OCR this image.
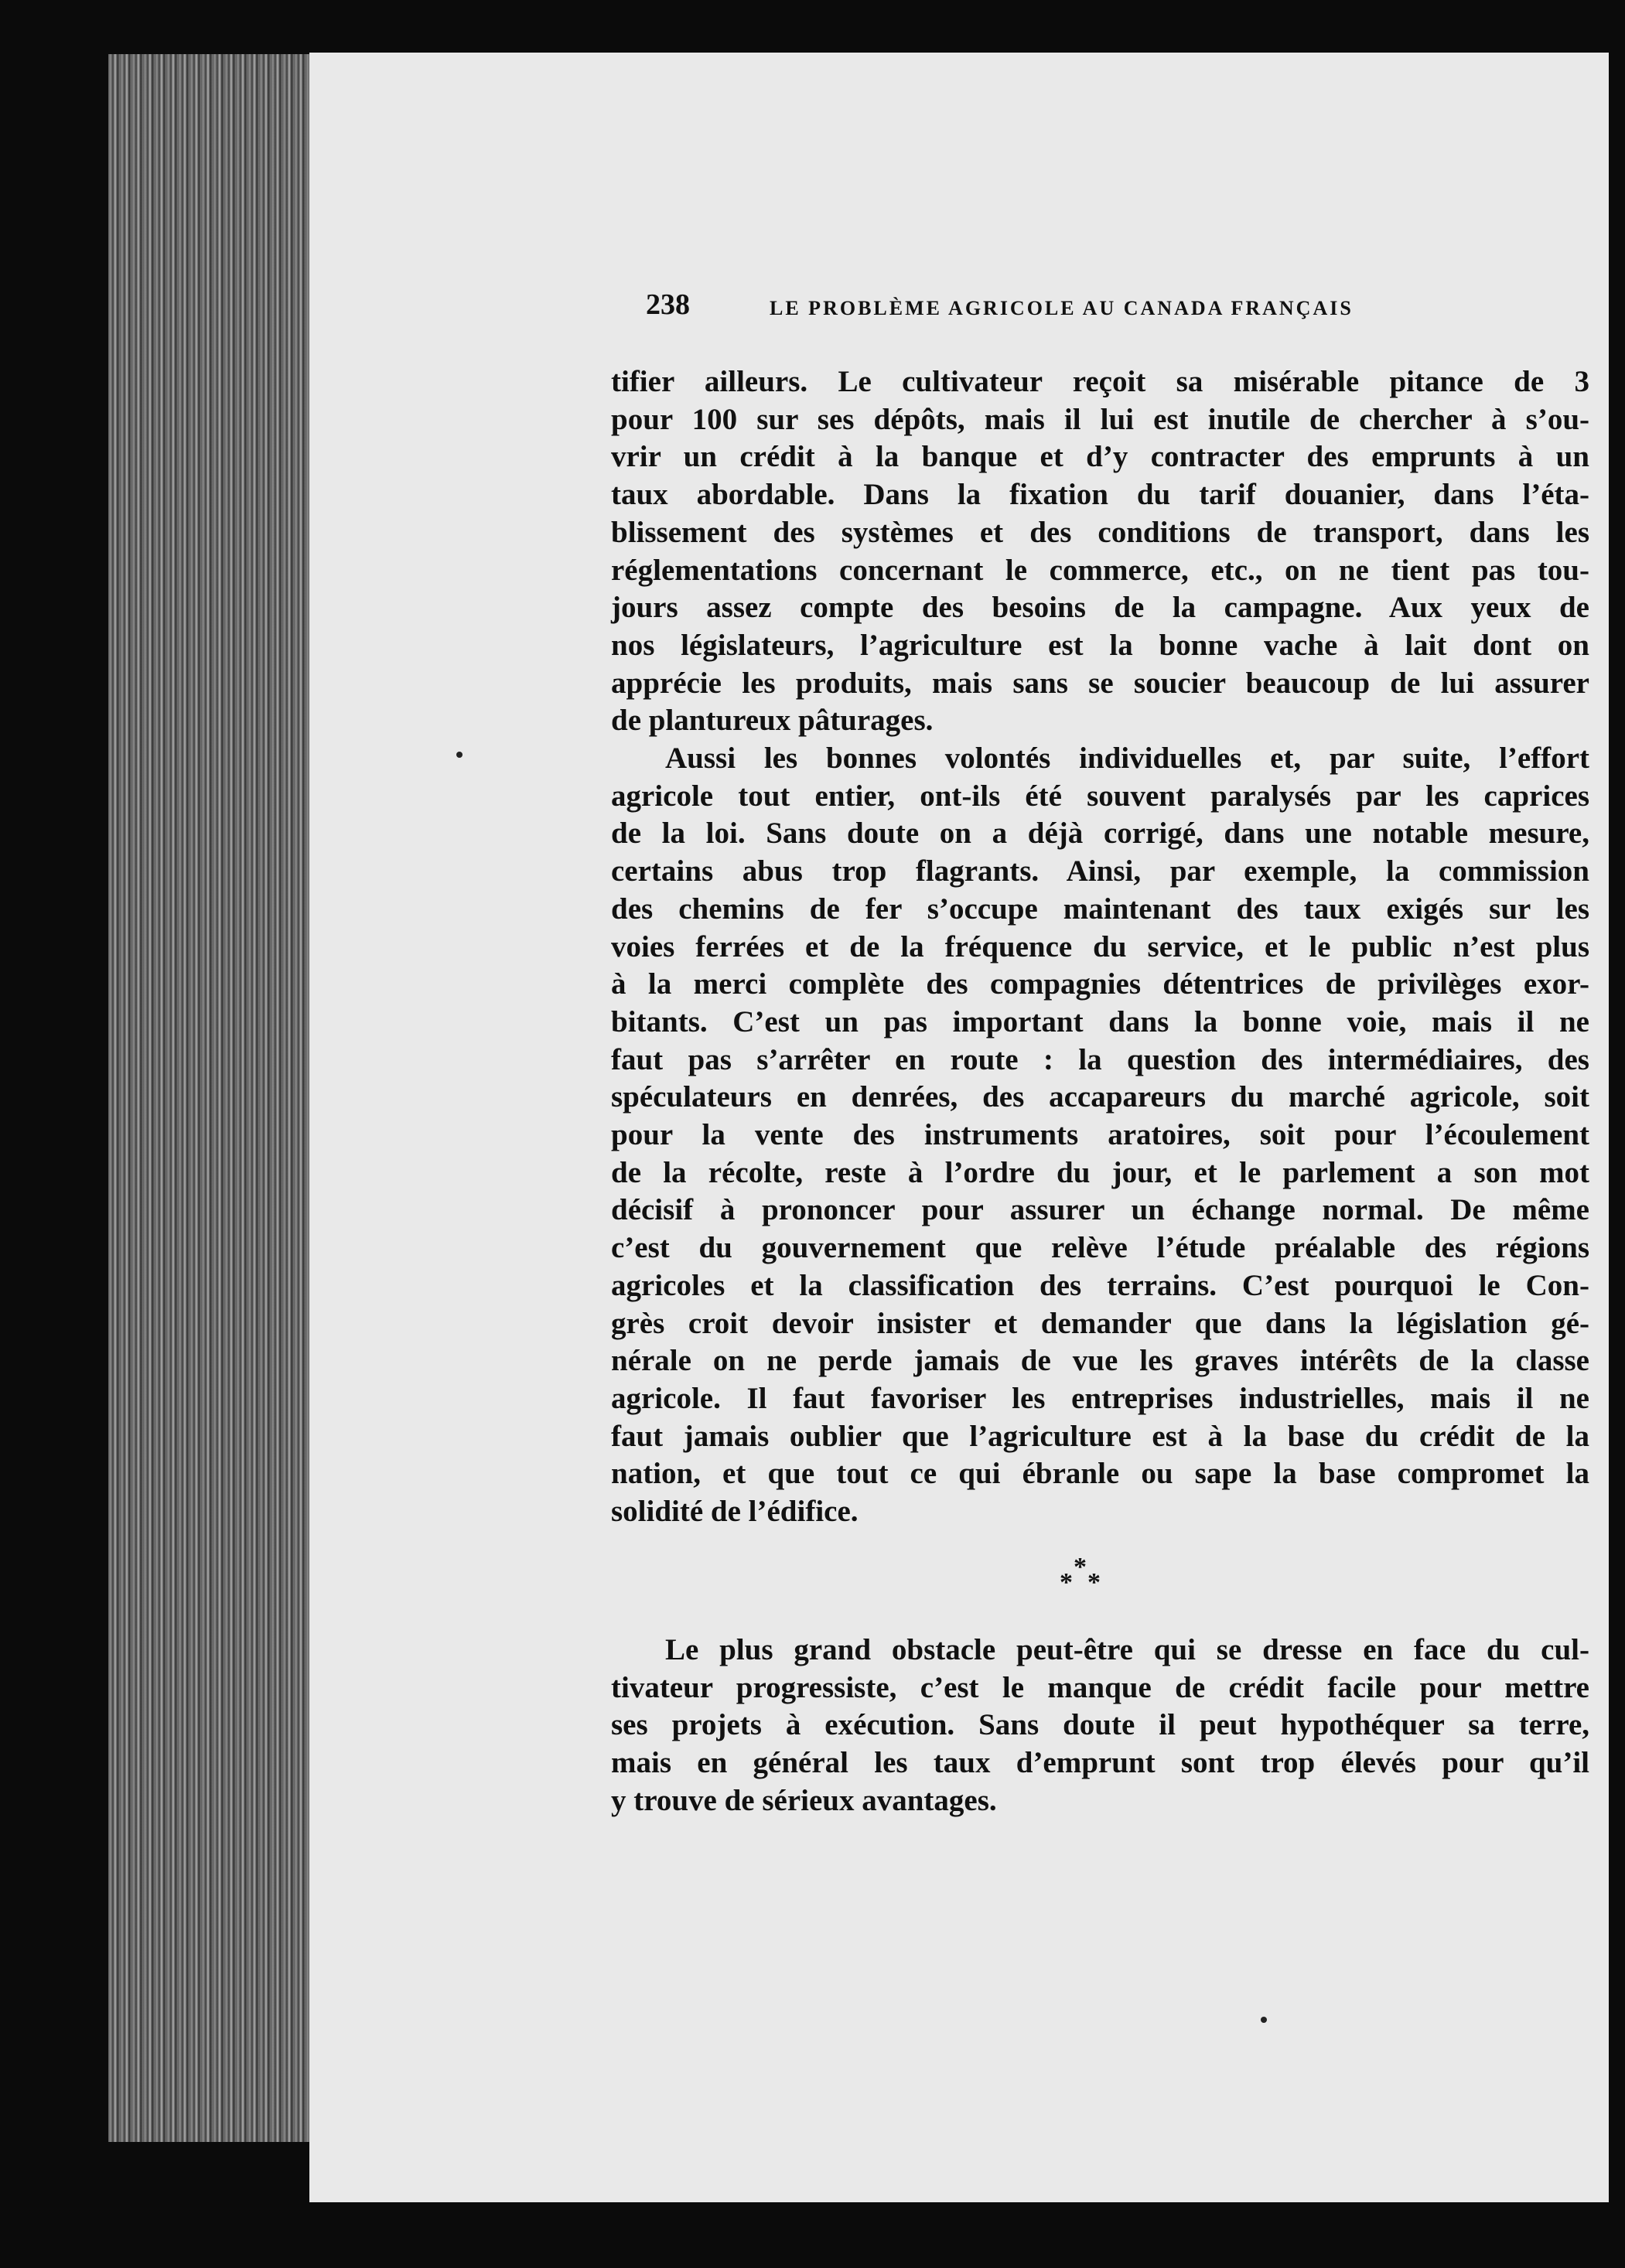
238	LE PROBLÈME AGRICOLE AU CANADA FRANÇAIS
tifier ailleurs. Le cultivateur reçoit sa misérable pitance de 3
pour 100 sur ses dépôts, mais il lui est inutile de chercher à s’ou-
vrir un crédit à la banque et d’y contracter des emprunts à un
taux abordable. Dans la fixation du tarif douanier, dans l’éta-
blissement des systèmes et des conditions de transport, dans les
réglementations concernant le commerce, etc., on ne tient pas tou-
jours assez compte des besoins de la campagne. Aux yeux de
nos législateurs, l’agriculture est la bonne vache à lait dont on
apprécie les produits, mais sans se soucier beaucoup de lui assurer
de plantureux pâturages.
Aussi les bonnes volontés individuelles et, par suite, l’effort
agricole tout entier, ont-ils été souvent paralysés par les caprices
de la loi. Sans doute on a déjà corrigé, dans une notable mesure,
certains abus trop flagrants. Ainsi, par exemple, la commission
des chemins de fer s’occupe maintenant des taux exigés sur les
voies ferrées et de la fréquence du service, et le public n’est plus
à la merci complète des compagnies détentrices de privilèges exor-
bitants. C’est un pas important dans la bonne voie, mais il ne
faut pas s’arrêter en route : la question des intermédiaires, des
spéculateurs en denrées, des accapareurs du marché agricole, soit
pour la vente des instruments aratoires, soit pour l’écoulement
de la récolte, reste à l’ordre du jour, et le parlement a son mot
décisif à prononcer pour assurer un échange normal. De même
c’est du gouvernement que relève l’étude préalable des régions
agricoles et la classification des terrains. C’est pourquoi le Con-
grès croit devoir insister et demander que dans la législation gé-
nérale on ne perde jamais de vue les graves intérêts de la classe
agricole. Il faut favoriser les entreprises industrielles, mais il ne
faut jamais oublier que l’agriculture est à la base du crédit de la
nation, et que tout ce qui ébranle ou sape la base compromet la
solidité de l’édifice.
*
*
*
Le plus grand obstacle peut-être qui se dresse en face du cul-
tivateur progressiste, c’est le manque de crédit facile pour mettre
ses projets à exécution. Sans doute il peut hypothéquer sa terre,
mais en général les taux d’emprunt sont trop élevés pour qu’il
y trouve de sérieux avantages.
